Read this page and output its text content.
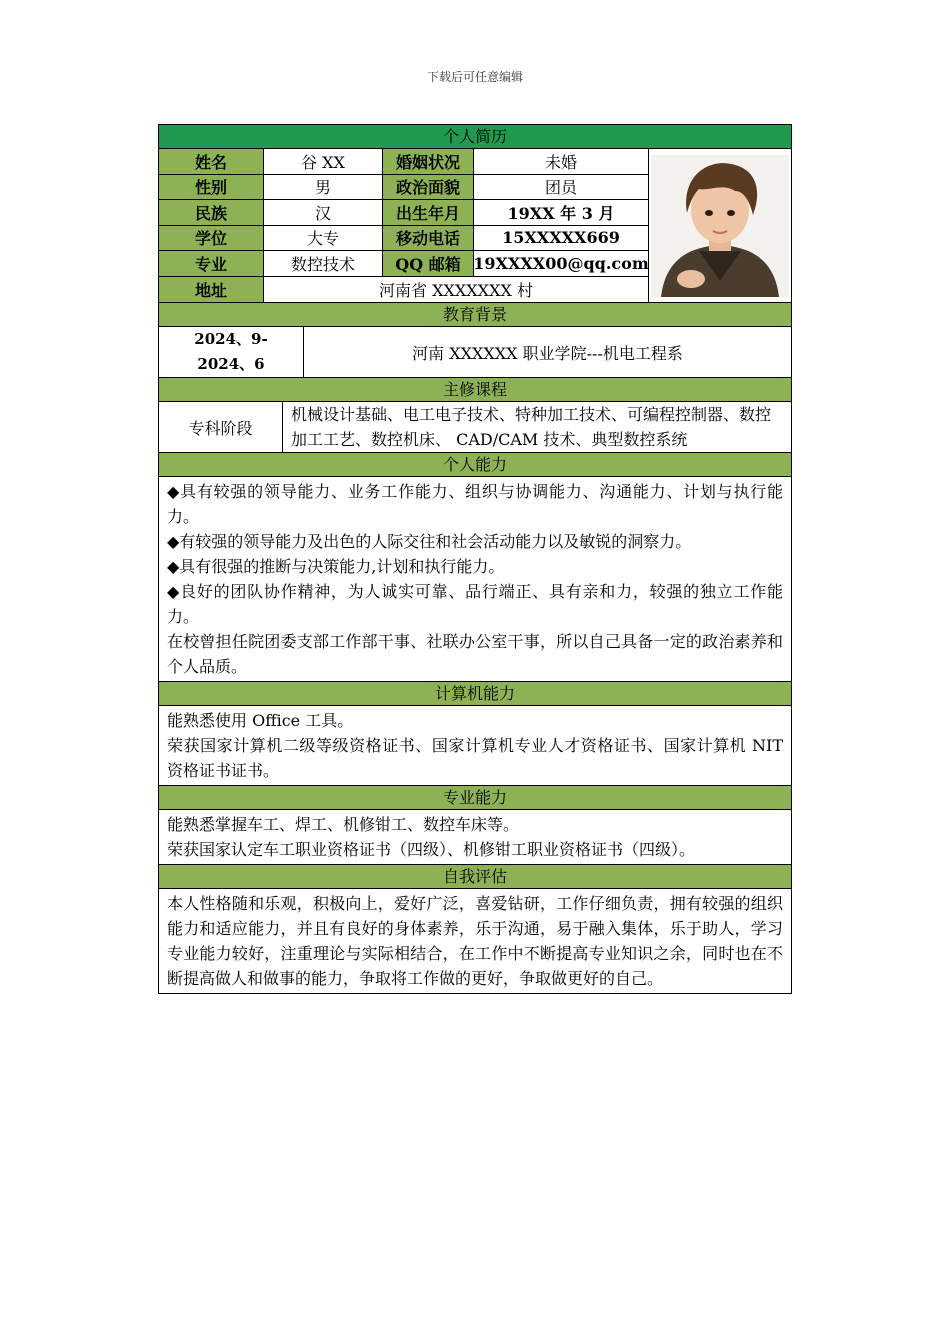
下载后可任意编辑
个人简历
姓名	谷 XX	婚姻状况	未婚
性别	男	政治面貌	团员
民族	汉	出生年月	19XX 年 3 月
学位	大专	移动电话	15XXXXX669
专业	数控技术	QQ 邮箱 19XXXX00@qq.com
地址	河南省 XXXXXXX 村
教育背景
2024、9-
2024、6
河南 XXXXXX 职业学院---机电工程系
主修课程
专科阶段
机械设计基础、电工电子技术、特种加工技术、可编程控制器、数控加工工艺、数控机床、 CAD/CAM 技术、典型数控系统
个人能力

◆具有较强的领导能力、业务工作能力、组织与协调能力、沟通能力、计划与执行能力。

◆有较强的领导能力及出色的人际交往和社会活动能力以及敏锐的洞察力。

◆具有很强的推断与决策能力,计划和执行能力。

◆良好的团队协作精神，为人诚实可靠、品行端正、具有亲和力，较强的独立工作能力。

在校曾担任院团委支部工作部干事、社联办公室干事，所以自己具备一定的政治素养和个人品质。

计算机能力

能熟悉使用 Office 工具。

荣获国家计算机二级等级资格证书、国家计算机专业人才资格证书、国家计算机 NIT 资格证书证书。

专业能力

能熟悉掌握车工、焊工、机修钳工、数控车床等。

荣获国家认定车工职业资格证书（四级）、机修钳工职业资格证书（四级）。

自我评估

本人性格随和乐观，积极向上，爱好广泛，喜爱钻研，工作仔细负责，拥有较强的组织能力和适应能力，并且有良好的身体素养，乐于沟通，易于融入集体，乐于助人，学习专业能力较好，注重理论与实际相结合，在工作中不断提高专业知识之余，同时也在不断提高做人和做事的能力，争取将工作做的更好，争取做更好的自己。
